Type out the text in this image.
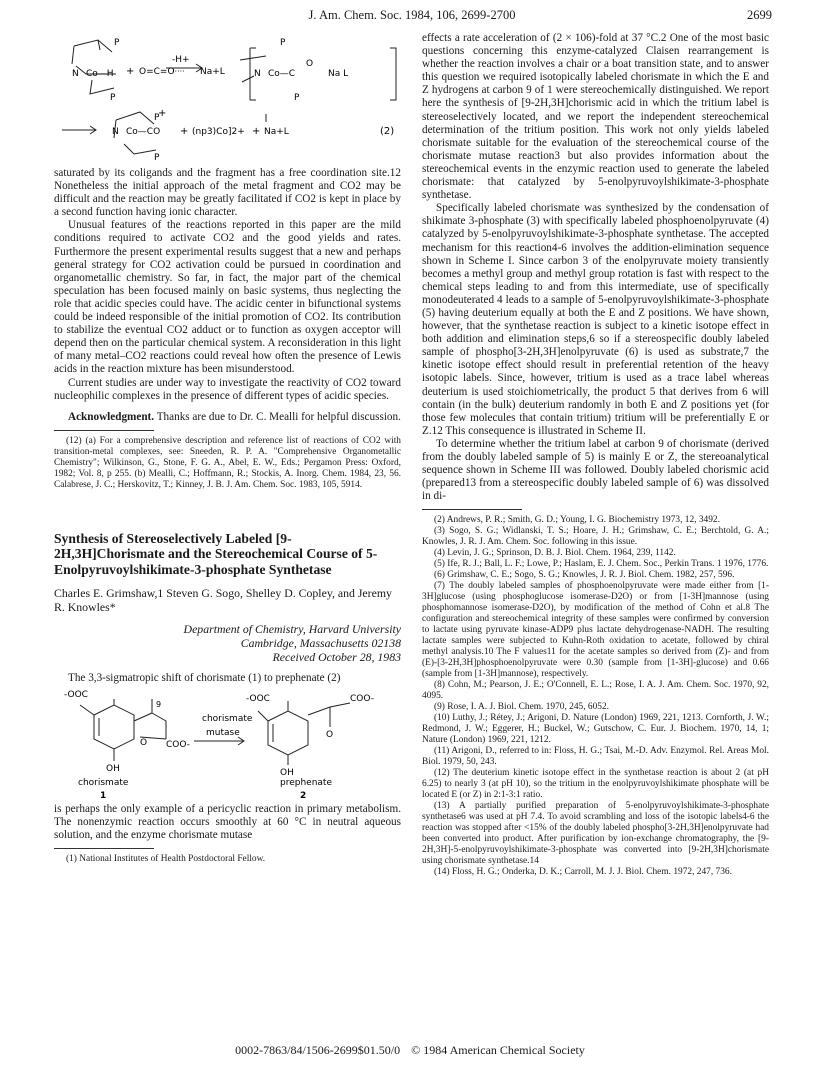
J. Am. Chem. Soc. 1984, 106, 2699-2700	2699
P
N Co—H
P
+ O=C=O
····· Na+L
-H+
P
N Co—C
O
Na L
P
+
P
N Co—CO + (np3)Co]2+ + Na+L
P
(2)

saturated by its coligands and the fragment has a free coordination site.12 Nonetheless the initial approach of the metal fragment and CO2 may be difficult and the reaction may be greatly facilitated if CO2 is kept in place by a second function having ionic character.

Unusual features of the reactions reported in this paper are the mild conditions required to activate CO2 and the good yields and rates. Furthermore the present experimental results suggest that a new and perhaps general strategy for CO2 activation could be pursued in coordination and organometallic chemistry. So far, in fact, the major part of the chemical speculation has been focused mainly on basic systems, thus neglecting the role that acidic species could have. The acidic center in bifunctional systems could be indeed responsible of the initial promotion of CO2. Its contribution to stabilize the eventual CO2 adduct or to function as oxygen acceptor will depend then on the particular chemical system. A reconsideration in this light of many metal–CO2 reactions could reveal how often the presence of Lewis acids in the reaction mixture has been misunderstood.

Current studies are under way to investigate the reactivity of CO2 toward nucleophilic complexes in the presence of different types of acidic species.

Acknowledgment. Thanks are due to Dr. C. Mealli for helpful discussion.

(12) (a) For a comprehensive description and reference list of reactions of CO2 with transition-metal complexes, see: Sneeden, R. P. A. "Comprehensive Organometallic Chemistry"; Wilkinson, G., Stone, F. G. A., Abel, E. W., Eds.; Pergamon Press: Oxford, 1982; Vol. 8, p 255. (b) Mealli, C.; Hoffmann, R.; Stockis, A. Inorg. Chem. 1984, 23, 56. Calabrese, J. C.; Herskovitz, T.; Kinney, J. B. J. Am. Chem. Soc. 1983, 105, 5914.

Synthesis of Stereoselectively Labeled [9-2H,3H]Chorismate and the Stereochemical Course of 5-Enolpyruvoylshikimate-3-phosphate Synthetase
Charles E. Grimshaw,1 Steven G. Sogo, Shelley D. Copley, and Jeremy R. Knowles*
Department of Chemistry, Harvard University
Cambridge, Massachusetts 02138
Received October 28, 1983

The 3,3-sigmatropic shift of chorismate (1) to prephenate (2)

-OOC
9
O COO-
OH
chorismate
mutase
-OOC	COO-
O
OH
chorismate
1
prephenate
2

is perhaps the only example of a pericyclic reaction in primary metabolism. The nonenzymic reaction occurs smoothly at 60 °C in neutral aqueous solution, and the enzyme chorismate mutase

(1) National Institutes of Health Postdoctoral Fellow.

effects a rate acceleration of (2 × 106)-fold at 37 °C.2 One of the most basic questions concerning this enzyme-catalyzed Claisen rearrangement is whether the reaction involves a chair or a boat transition state, and to answer this question we required isotopically labeled chorismate in which the E and Z hydrogens at carbon 9 of 1 were stereochemically distinguished. We report here the synthesis of [9-2H,3H]chorismic acid in which the tritium label is stereoselectively located, and we report the independent stereochemical determination of the tritium position. This work not only yields labeled chorismate suitable for the evaluation of the stereochemical course of the chorismate mutase reaction3 but also provides information about the stereochemical events in the enzymic reaction used to generate the labeled chorismate: that catalyzed by 5-enolpyruvoylshikimate-3-phosphate synthetase.

Specifically labeled chorismate was synthesized by the condensation of shikimate 3-phosphate (3) with specifically labeled phosphoenolpyruvate (4) catalyzed by 5-enolpyruvoylshikimate-3-phosphate synthetase. The accepted mechanism for this reaction4-6 involves the addition-elimination sequence shown in Scheme I. Since carbon 3 of the enolpyruvate moiety transiently becomes a methyl group and methyl group rotation is fast with respect to the chemical steps leading to and from this intermediate, use of specifically monodeuterated 4 leads to a sample of 5-enolpyruvoylshikimate-3-phosphate (5) having deuterium equally at both the E and Z positions. We have shown, however, that the synthetase reaction is subject to a kinetic isotope effect in both addition and elimination steps,6 so if a stereospecific doubly labeled sample of phospho[3-2H,3H]enolpyruvate (6) is used as substrate,7 the kinetic isotope effect should result in preferential retention of the heavy isotopic labels. Since, however, tritium is used as a trace label whereas deuterium is used stoichiometrically, the product 5 that derives from 6 will contain (in the bulk) deuterium randomly in both E and Z positions yet (for those few molecules that contain tritium) tritium will be preferentially E or Z.12 This consequence is illustrated in Scheme II.

To determine whether the tritium label at carbon 9 of chorismate (derived from the doubly labeled sample of 5) is mainly E or Z, the stereoanalytical sequence shown in Scheme III was followed. Doubly labeled chorismic acid (prepared13 from a stereospecific doubly labeled sample of 6) was dissolved in di-

(2) Andrews, P. R.; Smith, G. D.; Young, I. G. Biochemistry 1973, 12, 3492.

(3) Sogo, S. G.; Widlanski, T. S.; Hoare, J. H.; Grimshaw, C. E.; Berchtold, G. A.; Knowles, J. R. J. Am. Chem. Soc. following in this issue.

(4) Levin, J. G.; Sprinson, D. B. J. Biol. Chem. 1964, 239, 1142.

(5) Ife, R. J.; Ball, L. F.; Lowe, P.; Haslam, E. J. Chem. Soc., Perkin Trans. 1 1976, 1776.

(6) Grimshaw, C. E.; Sogo, S. G.; Knowles, J. R. J. Biol. Chem. 1982, 257, 596.

(7) The doubly labeled samples of phosphoenolpyruvate were made either from [1-3H]glucose (using phosphoglucose isomerase-D2O) or from [1-3H]mannose (using phosphomannose isomerase-D2O), by modification of the method of Cohn et al.8 The configuration and stereochemical integrity of these samples were confirmed by conversion to lactate using pyruvate kinase-ADP9 plus lactate dehydrogenase-NADH. The resulting lactate samples were subjected to Kuhn-Roth oxidation to acetate, followed by chiral methyl analysis.10 The F values11 for the acetate samples so derived from (Z)- and from (E)-[3-2H,3H]phosphoenolpyruvate were 0.30 (sample from [1-3H]-glucose) and 0.66 (sample from [1-3H]mannose), respectively.

(8) Cohn, M.; Pearson, J. E.; O'Connell, E. L.; Rose, I. A. J. Am. Chem. Soc. 1970, 92, 4095.

(9) Rose, I. A. J. Biol. Chem. 1970, 245, 6052.

(10) Luthy, J.; Rétey, J.; Arigoni, D. Nature (London) 1969, 221, 1213. Cornforth, J. W.; Redmond, J. W.; Eggerer, H.; Buckel, W.; Gutschow, C. Eur. J. Biochem. 1970, 14, 1; Nature (London) 1969, 221, 1212.

(11) Arigoni, D., referred to in: Floss, H. G.; Tsai, M.-D. Adv. Enzymol. Rel. Areas Mol. Biol. 1979, 50, 243.

(12) The deuterium kinetic isotope effect in the synthetase reaction is about 2 (at pH 6.25) to nearly 3 (at pH 10), so the tritium in the enolpyruvoylshikimate phosphate will be located E (or Z) in 2:1-3:1 ratio.

(13) A partially purified preparation of 5-enolpyruvoylshikimate-3-phosphate synthetase6 was used at pH 7.4. To avoid scrambling and loss of the isotopic labels4-6 the reaction was stopped after <15% of the doubly labeled phospho[3-2H,3H]enolpyruvate had been converted into product. After purification by ion-exchange chromatography, the [9-2H,3H]-5-enolpyruvoylshikimate-3-phosphate was converted into [9-2H,3H]chorismate using chorismate synthetase.14

(14) Floss, H. G.; Onderka, D. K.; Carroll, M. J. J. Biol. Chem. 1972, 247, 736.

0002-7863/84/1506-2699$01.50/0 © 1984 American Chemical Society
